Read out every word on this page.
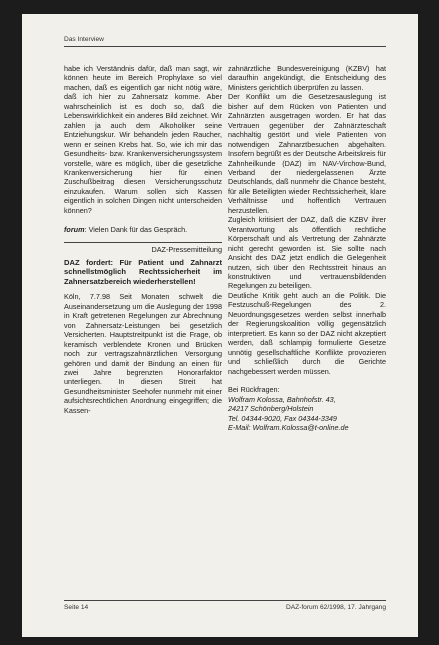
Das Interview

habe ich Verständnis dafür, daß man sagt, wir können heute im Bereich Prophylaxe so viel machen, daß es eigentlich gar nicht nötig wäre, daß ich hier zu Zahnersatz komme. Aber wahrscheinlich ist es doch so, daß die Lebenswirklichkeit ein anderes Bild zeichnet. Wir zahlen ja auch dem Alkoholiker seine Entziehungskur. Wir behandeln jeden Raucher, wenn er seinen Krebs hat. So, wie ich mir das Gesundheits- bzw. Krankenversicherungssystem vorstelle, wäre es möglich, über die gesetzliche Krankenversicherung hier für einen Zuschußbeitrag diesen Versicherungsschutz einzukaufen. Warum sollen sich Kassen eigentlich in solchen Dingen nicht unterscheiden können?

forum: Vielen Dank für das Gespräch.

DAZ-Pressemitteilung

DAZ fordert: Für Patient und Zahnarzt schnellstmöglich Rechtssicherheit im Zahnersatzbereich wiederherstellen!

Köln, 7.7.98 Seit Monaten schwelt die Auseinandersetzung um die Auslegung der 1998 in Kraft getretenen Regelungen zur Abrechnung von Zahnersatz-Leistungen bei gesetzlich Versicherten. Hauptstreitpunkt ist die Frage, ob keramisch verblendete Kronen und Brücken noch zur vertragszahnärztlichen Versorgung gehören und damit der Bindung an einen für zwei Jahre begrenzten Honorarfaktor unterliegen. In diesen Streit hat Gesundheitsminister Seehofer nunmehr mit einer aufsichtsrechtlichen Anordnung eingegriffen; die Kassen-

zahnärztliche Bundesvereinigung (KZBV) hat daraufhin angekündigt, die Entscheidung des Ministers gerichtlich überprüfen zu lassen.

Der Konflikt um die Gesetzesauslegung ist bisher auf dem Rücken von Patienten und Zahnärzten ausgetragen worden. Er hat das Vertrauen gegenüber der Zahnärzteschaft nachhaltig gestört und viele Patienten von notwendigen Zahnarztbesuchen abgehalten. Insofern begrüßt es der Deutsche Arbeitskreis für Zahnheilkunde (DAZ) im NAV-Virchow-Bund, Verband der niedergelassenen Ärzte Deutschlands, daß nunmehr die Chance besteht, für alle Beteiligten wieder Rechtssicherheit, klare Verhältnisse und hoffentlich Vertrauen herzustellen.

Zugleich kritisiert der DAZ, daß die KZBV ihrer Verantwortung als öffentlich rechtliche Körperschaft und als Vertretung der Zahnärzte nicht gerecht geworden ist. Sie sollte nach Ansicht des DAZ jetzt endlich die Gelegenheit nutzen, sich über den Rechtsstreit hinaus an konstruktiven und vertrauensbildenden Regelungen zu beteiligen.

Deutliche Kritik geht auch an die Politik. Die Festzuschuß-Regelungen des 2. Neuordnungsgesetzes werden selbst innerhalb der Regierungskoalition völlig gegensätzlich interpretiert. Es kann so der DAZ nicht akzeptiert werden, daß schlampig formulierte Gesetze unnötig gesellschaftliche Konflikte provozieren und schließlich durch die Gerichte nachgebessert werden müssen.

Bei Rückfragen:

Wolfram Kolossa, Bahnhofstr. 43,

24217 Schönberg/Holstein

Tel. 04344-9020, Fax 04344-3349

E-Mail: Wolfram.Kolossa@t-online.de

Seite 14	DAZ-forum 62/1998, 17. Jahrgang
